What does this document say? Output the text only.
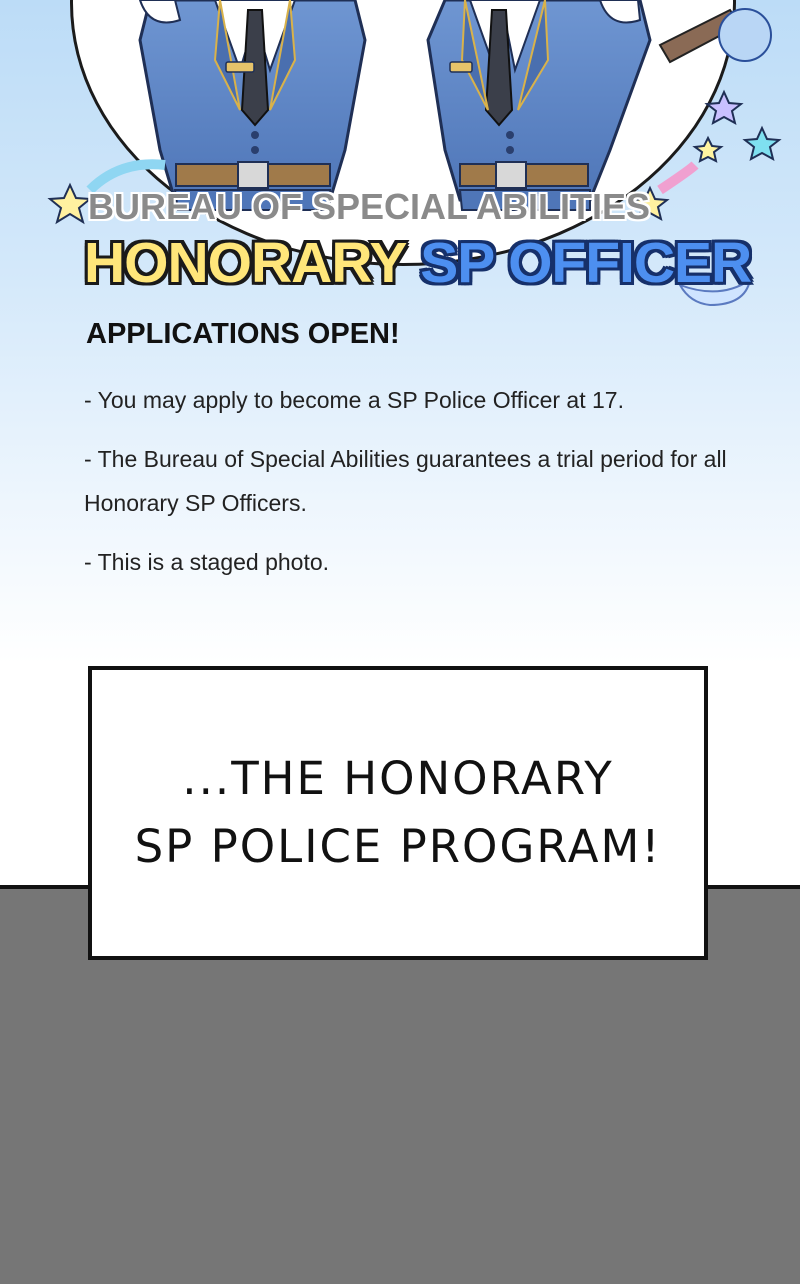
BUREAU OF SPECIAL ABILITIES

HONORARY SP OFFICER

APPLICATIONS OPEN!

- You may apply to become a SP Police Officer at 17.

- The Bureau of Special Abilities guarantees a trial period for all Honorary SP Officers.

- This is a staged photo.

...THE HONORARY
SP POLICE PROGRAM!
